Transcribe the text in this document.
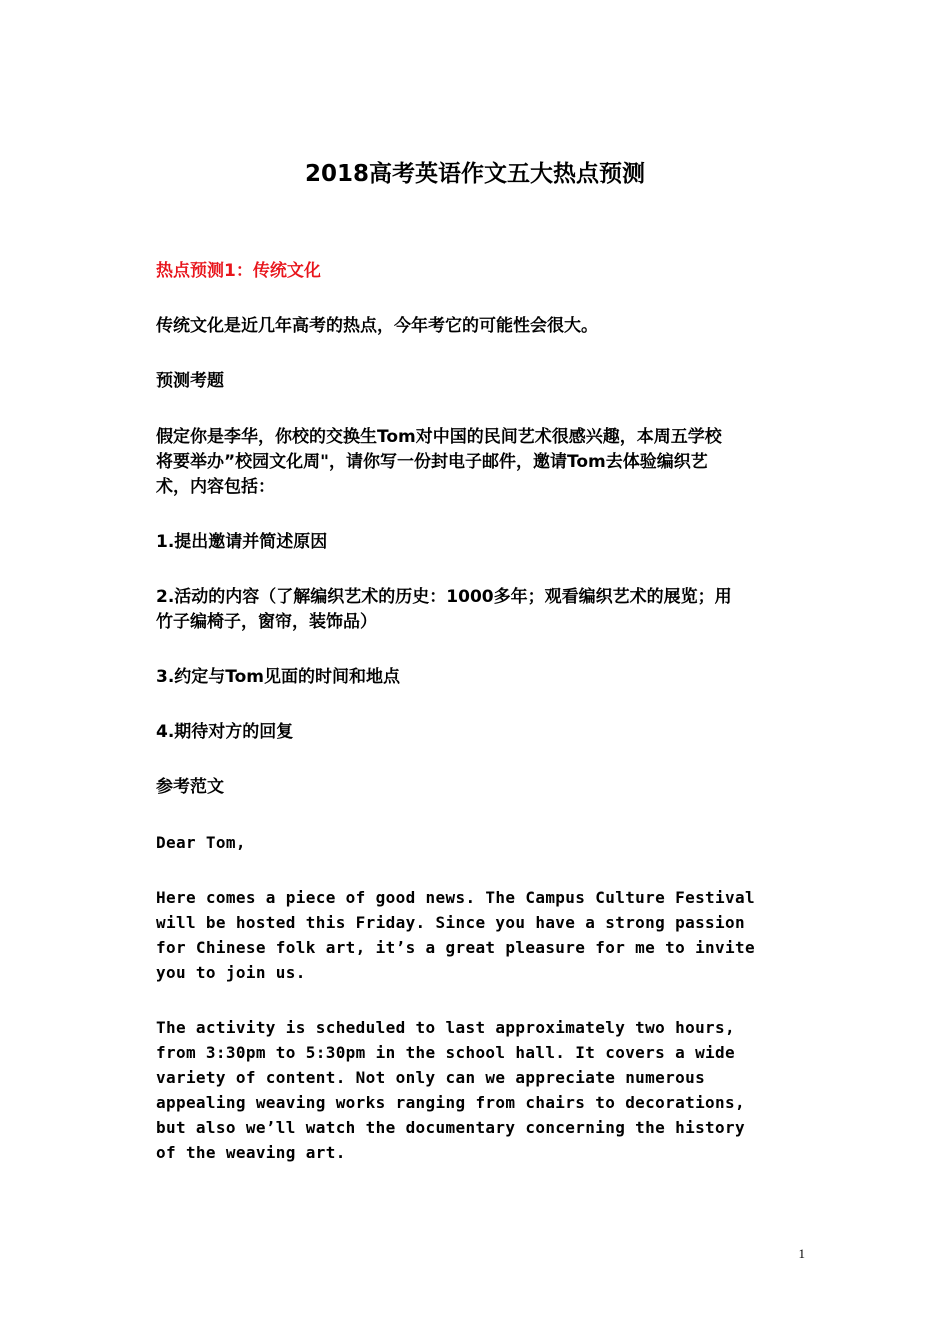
2018高考英语作文五大热点预测
热点预测1：传统文化
传统文化是近几年高考的热点，今年考它的可能性会很大。
预测考题
假定你是李华，你校的交换生Tom对中国的民间艺术很感兴趣，本周五学校
将要举办”校园文化周"，请你写一份封电子邮件，邀请Tom去体验编织艺
术，内容包括：
1.提出邀请并简述原因
2.活动的内容（了解编织艺术的历史：1000多年；观看编织艺术的展览；用
竹子编椅子，窗帘，装饰品）
3.约定与Tom见面的时间和地点
4.期待对方的回复
参考范文
Dear Tom,
Here comes a piece of good news. The Campus Culture Festival
will be hosted this Friday. Since you have a strong passion
for Chinese folk art, it’s a great pleasure for me to invite
you to join us.
The activity is scheduled to last approximately two hours,
from 3:30pm to 5:30pm in the school hall. It covers a wide
variety of content. Not only can we appreciate numerous
appealing weaving works ranging from chairs to decorations,
but also we’ll watch the documentary concerning the history
of the weaving art.
1
